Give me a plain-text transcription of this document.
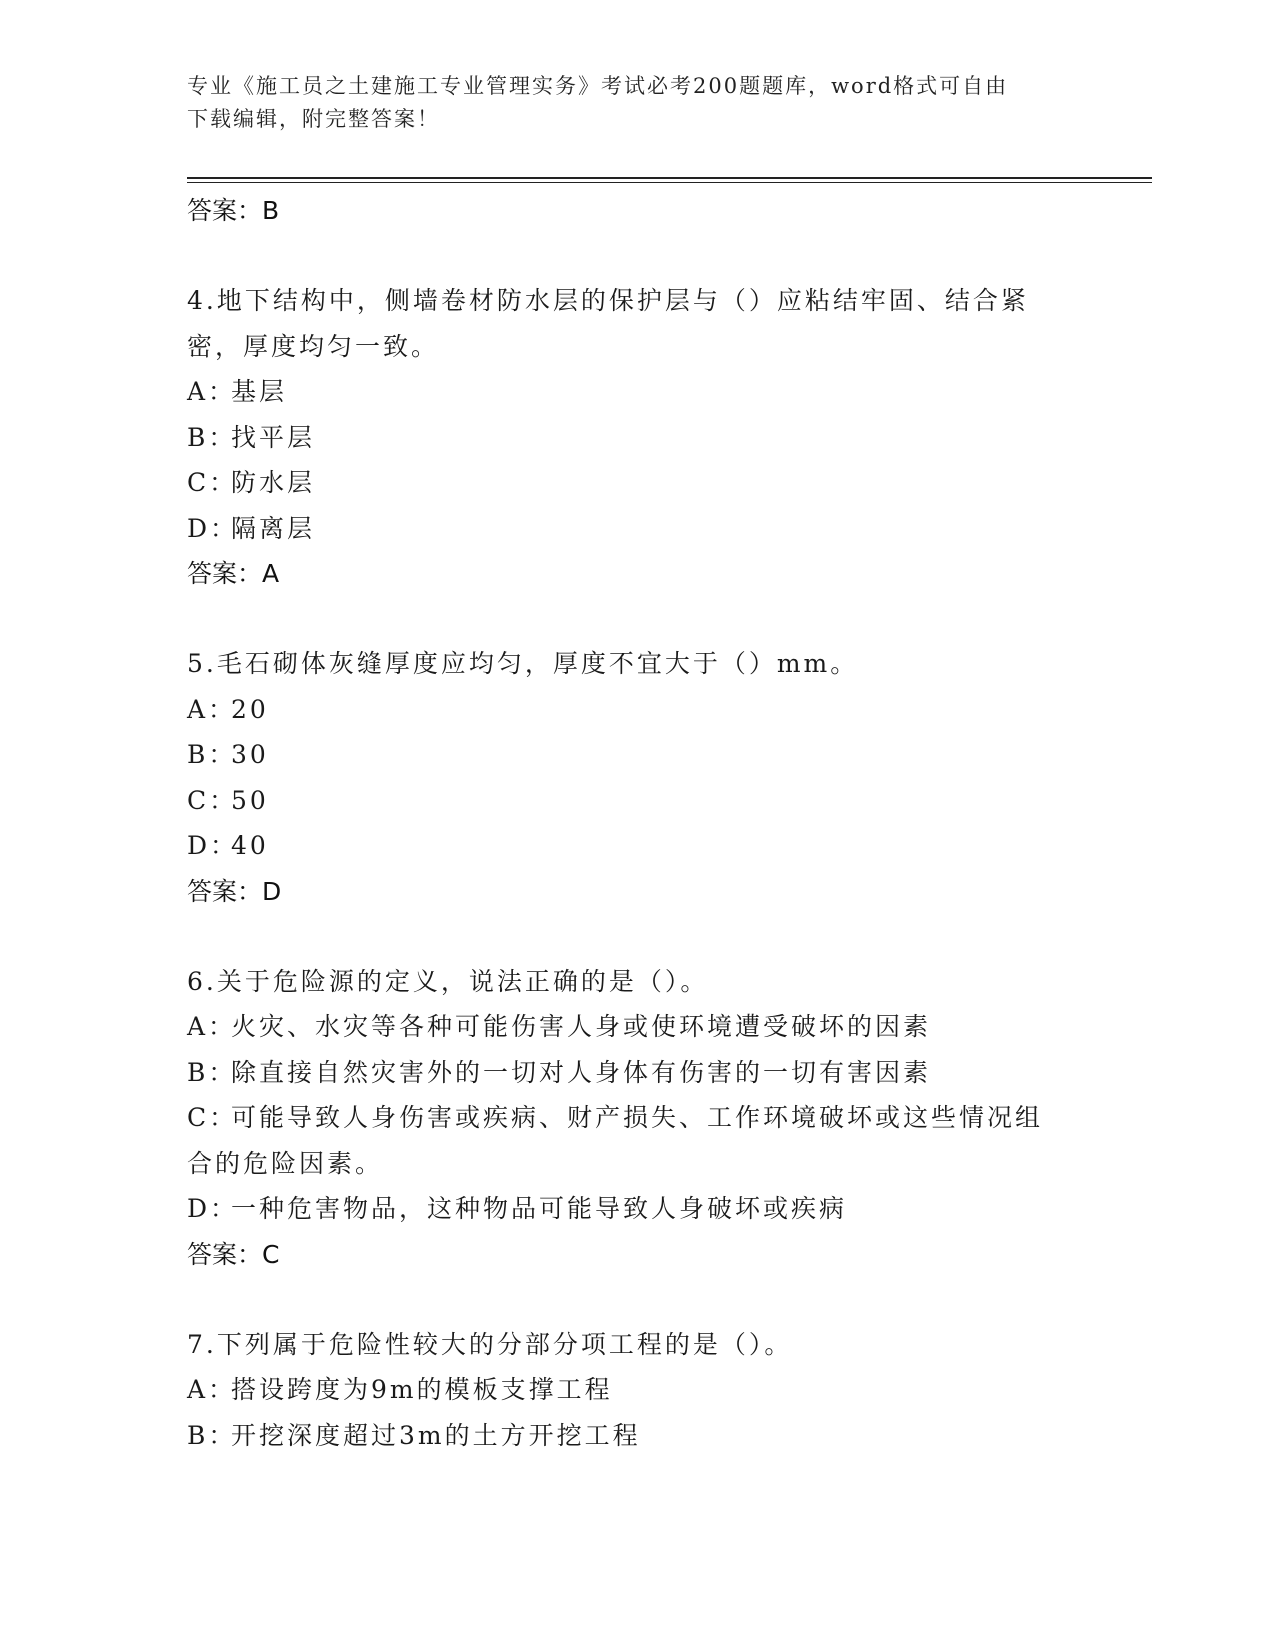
专业《施工员之土建施工专业管理实务》考试必考200题题库，word格式可自由
下载编辑，附完整答案！
答案：B
4.地下结构中，侧墙卷材防水层的保护层与（）应粘结牢固、结合紧
密，厚度均匀一致。
A：基层
B：找平层
C：防水层
D：隔离层
答案：A
5.毛石砌体灰缝厚度应均匀，厚度不宜大于（）mm。
A：20
B：30
C：50
D：40
答案：D
6.关于危险源的定义，说法正确的是（）。
A：火灾、水灾等各种可能伤害人身或使环境遭受破坏的因素
B：除直接自然灾害外的一切对人身体有伤害的一切有害因素
C：可能导致人身伤害或疾病、财产损失、工作环境破坏或这些情况组
合的危险因素。
D：一种危害物品，这种物品可能导致人身破坏或疾病
答案：C
7.下列属于危险性较大的分部分项工程的是（）。
A：搭设跨度为9m的模板支撑工程
B：开挖深度超过3m的土方开挖工程
